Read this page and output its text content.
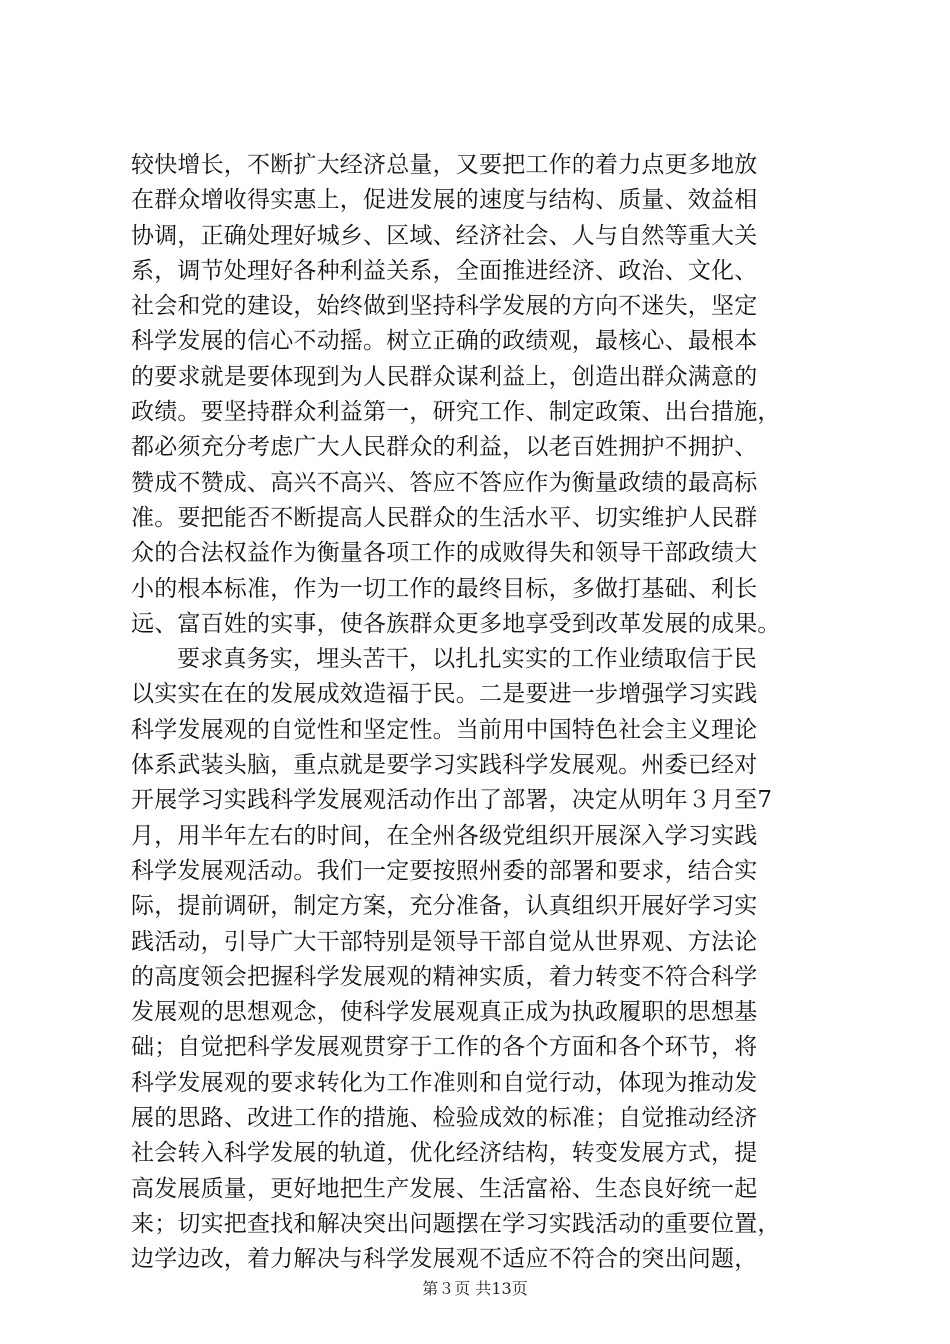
较快增长，不断扩大经济总量，又要把工作的着力点更多地放
在群众增收得实惠上，促进发展的速度与结构、质量、效益相
协调，正确处理好城乡、区域、经济社会、人与自然等重大关
系，调节处理好各种利益关系，全面推进经济、政治、文化、
社会和党的建设，始终做到坚持科学发展的方向不迷失，坚定
科学发展的信心不动摇。树立正确的政绩观，最核心、最根本
的要求就是要体现到为人民群众谋利益上，创造出群众满意的
政绩。要坚持群众利益第一，研究工作、制定政策、出台措施，
都必须充分考虑广大人民群众的利益，以老百姓拥护不拥护、
赞成不赞成、高兴不高兴、答应不答应作为衡量政绩的最高标
准。要把能否不断提高人民群众的生活水平、切实维护人民群
众的合法权益作为衡量各项工作的成败得失和领导干部政绩大
小的根本标准，作为一切工作的最终目标，多做打基础、利长
远、富百姓的实事，使各族群众更多地享受到改革发展的成果。
要求真务实，埋头苦干，以扎扎实实的工作业绩取信于民
以实实在在的发展成效造福于民。二是要进一步增强学习实践
科学发展观的自觉性和坚定性。当前用中国特色社会主义理论
体系武装头脑，重点就是要学习实践科学发展观。州委已经对
开展学习实践科学发展观活动作出了部署，决定从明年３月至7
月，用半年左右的时间，在全州各级党组织开展深入学习实践
科学发展观活动。我们一定要按照州委的部署和要求，结合实
际，提前调研，制定方案，充分准备，认真组织开展好学习实
践活动，引导广大干部特别是领导干部自觉从世界观、方法论
的高度领会把握科学发展观的精神实质，着力转变不符合科学
发展观的思想观念，使科学发展观真正成为执政履职的思想基
础；自觉把科学发展观贯穿于工作的各个方面和各个环节，将
科学发展观的要求转化为工作准则和自觉行动，体现为推动发
展的思路、改进工作的措施、检验成效的标准；自觉推动经济
社会转入科学发展的轨道，优化经济结构，转变发展方式，提
高发展质量，更好地把生产发展、生活富裕、生态良好统一起
来；切实把查找和解决突出问题摆在学习实践活动的重要位置，
边学边改，着力解决与科学发展观不适应不符合的突出问题，
第３页 共13页
